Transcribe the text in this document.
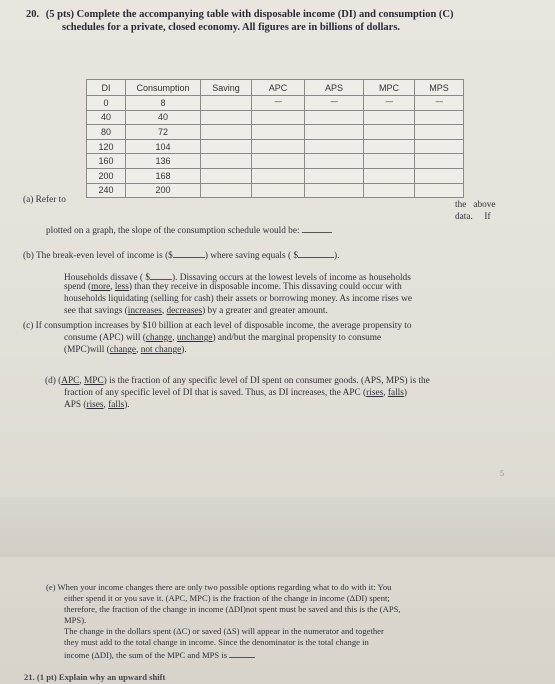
20. (5 pts) Complete the accompanying table with disposable income (DI) and consumption (C)
schedules for a private, closed economy. All figures are in billions of dollars.
DI	Consumption	Saving	APC	APS	MPC	MPS
0	8		----	----	----	----
40	40					
80	72					
120	104					
160	136					
200	168					
240	200					
(a) Refer to	the   above
data.     If
plotted on a graph, the slope of the consumption schedule would be:
(b) The break-even level of income is ($	) where saving equals ( $	).
Households dissave ( $ ). Dissaving occurs at the lowest levels of income as households
spend (more, less) than they receive in disposable income. This dissaving could occur with
households liquidating (selling for cash) their assets or borrowing money. As income rises we
see that savings (increases, decreases) by a greater and greater amount.
(c) If consumption increases by $10 billion at each level of disposable income, the average propensity to
consume (APC) will (change, unchange) and/but the marginal propensity to consume
(MPC)will (change, not change).
(d) (APC, MPC) is the fraction of any specific level of DI spent on consumer goods. (APS, MPS) is the
fraction of any specific level of DI that is saved. Thus, as DI increases, the APC (rises, falls)
APS (rises, falls).
5
(e) When your income changes there are only two possible options regarding what to do with it: You
either spend it or you save it. (APC, MPC) is the fraction of the change in income (ΔDI) spent;
therefore, the fraction of the change in income (ΔDI)not spent must be saved and this is the (APS,
MPS).
The change in the dollars spent (ΔC) or saved (ΔS) will appear in the numerator and together
they must add to the total change in income. Since the denominator is the total change in
income (ΔDI), the sum of the MPC and MPS is
21. (1 pt) Explain why an upward shift
